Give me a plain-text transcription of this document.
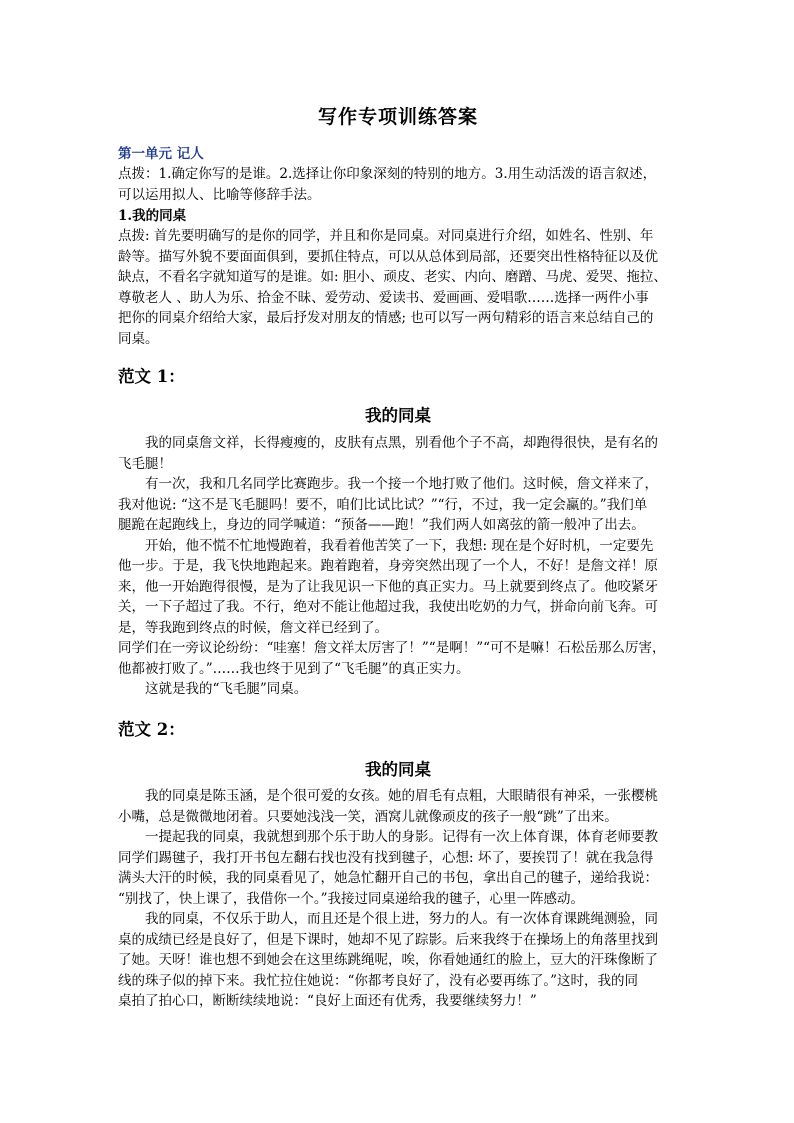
写作专项训练答案
第一单元 记人
点拨：1.确定你写的是谁。2.选择让你印象深刻的特别的地方。3.用生动活泼的语言叙述，
可以运用拟人、比喻等修辞手法。
1.我的同桌
点拨: 首先要明确写的是你的同学，并且和你是同桌。对同桌进行介绍，如姓名、性别、年
龄等。描写外貌不要面面俱到，要抓住特点，可以从总体到局部，还要突出性格特征以及优
缺点，不看名字就知道写的是谁。如: 胆小、顽皮、老实、内向、磨蹭、马虎、爱哭、拖拉、
尊敬老人 、助人为乐、拾金不昧、爱劳动、爱读书、爱画画、爱唱歌……选择一两件小事
把你的同桌介绍给大家，最后抒发对朋友的情感; 也可以写一两句精彩的语言来总结自己的
同桌。
范文 1：
我的同桌
我的同桌詹文祥，长得瘦瘦的，皮肤有点黑，别看他个子不高，却跑得很快，是有名的
飞毛腿！
有一次，我和几名同学比赛跑步。我一个接一个地打败了他们。这时候，詹文祥来了，
我对他说: “这不是飞毛腿吗！要不，咱们比试比试？”“行，不过，我一定会赢的。”我们单
腿跪在起跑线上，身边的同学喊道：“预备——跑！”我们两人如离弦的箭一般冲了出去。
开始，他不慌不忙地慢跑着，我看着他苦笑了一下，我想: 现在是个好时机，一定要先
他一步。于是，我飞快地跑起来。跑着跑着，身旁突然出现了一个人，不好！是詹文祥！原
来，他一开始跑得很慢，是为了让我见识一下他的真正实力。马上就要到终点了。他咬紧牙
关，一下子超过了我。不行，绝对不能让他超过我，我使出吃奶的力气，拼命向前飞奔。可
是，等我跑到终点的时候，詹文祥已经到了。
同学们在一旁议论纷纷：“哇塞！詹文祥太厉害了！”“是啊！”“可不是嘛！石松岳那么厉害，
他都被打败了。”……我也终于见到了“飞毛腿”的真正实力。
这就是我的“飞毛腿”同桌。
范文 2：
我的同桌
我的同桌是陈玉涵，是个很可爱的女孩。她的眉毛有点粗，大眼睛很有神采，一张樱桃
小嘴，总是微微地闭着。只要她浅浅一笑，酒窝儿就像顽皮的孩子一般“跳”了出来。
一提起我的同桌，我就想到那个乐于助人的身影。记得有一次上体育课，体育老师要教
同学们踢毽子，我打开书包左翻右找也没有找到毽子，心想: 坏了，要挨罚了！就在我急得
满头大汗的时候，我的同桌看见了，她急忙翻开自己的书包，拿出自己的毽子，递给我说：
“别找了，快上课了，我借你一个。”我接过同桌递给我的毽子，心里一阵感动。
我的同桌，不仅乐于助人，而且还是个很上进，努力的人。有一次体育课跳绳测验，同
桌的成绩已经是良好了，但是下课时，她却不见了踪影。后来我终于在操场上的角落里找到
了她。天呀！谁也想不到她会在这里练跳绳呢，唉，你看她通红的脸上，豆大的汗珠像断了
线的珠子似的掉下来。我忙拉住她说：“你都考良好了，没有必要再练了。”这时，我的同
桌拍了拍心口，断断续续地说：“良好上面还有优秀，我要继续努力！”
